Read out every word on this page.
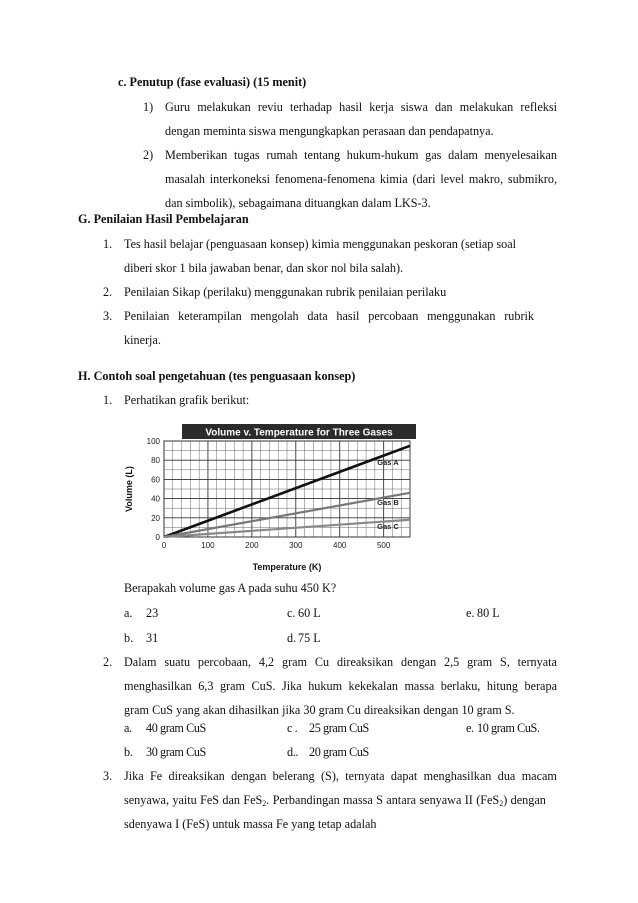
c. Penutup (fase evaluasi) (15 menit)
1) Guru melakukan reviu terhadap hasil kerja siswa dan melakukan refleksi
dengan meminta siswa mengungkapkan perasaan dan pendapatnya.
2) Memberikan tugas rumah tentang hukum-hukum gas dalam menyelesaikan
masalah interkoneksi fenomena-fenomena kimia (dari level makro, submikro,
dan simbolik), sebagaimana dituangkan dalam LKS-3.
G. Penilaian Hasil Pembelajaran
1. Tes hasil belajar (penguasaan konsep) kimia menggunakan peskoran (setiap soal
diberi skor 1 bila jawaban benar, dan skor nol bila salah).
2. Penilaian Sikap (perilaku) menggunakan rubrik penilaian perilaku
3. Penilaian keterampilan mengolah data hasil percobaan menggunakan rubrik
kinerja.
H. Contoh soal pengetahuan (tes penguasaan konsep)
1. Perhatikan grafik berikut:
Volume v. Temperature for Three Gases
0
20
40
60
80
100
0	100	200	300	400	500
Temperature (K)
Volume (L)
Gas A
Gas B
Gas C
Berapakah volume gas A pada suhu 450 K?
a. 23	c. 60 L	e. 80 L
b. 31	d. 75 L
2. Dalam suatu percobaan, 4,2 gram Cu direaksikan dengan 2,5 gram S, ternyata
menghasilkan 6,3 gram CuS. Jika hukum kekekalan massa berlaku, hitung berapa
gram CuS yang akan dihasilkan jika 30 gram Cu direaksikan dengan 10 gram S.
a. 40 gram CuS	c . 25 gram CuS	e. 10 gram CuS.
b. 30 gram CuS	d.. 20 gram CuS
3. Jika Fe direaksikan dengan belerang (S), ternyata dapat menghasilkan dua macam
senyawa, yaitu FeS dan FeS$_2$. Perbandingan massa S antara senyawa II (FeS$_2$) dengan
sdenyawa I (FeS) untuk massa Fe yang tetap adalah
